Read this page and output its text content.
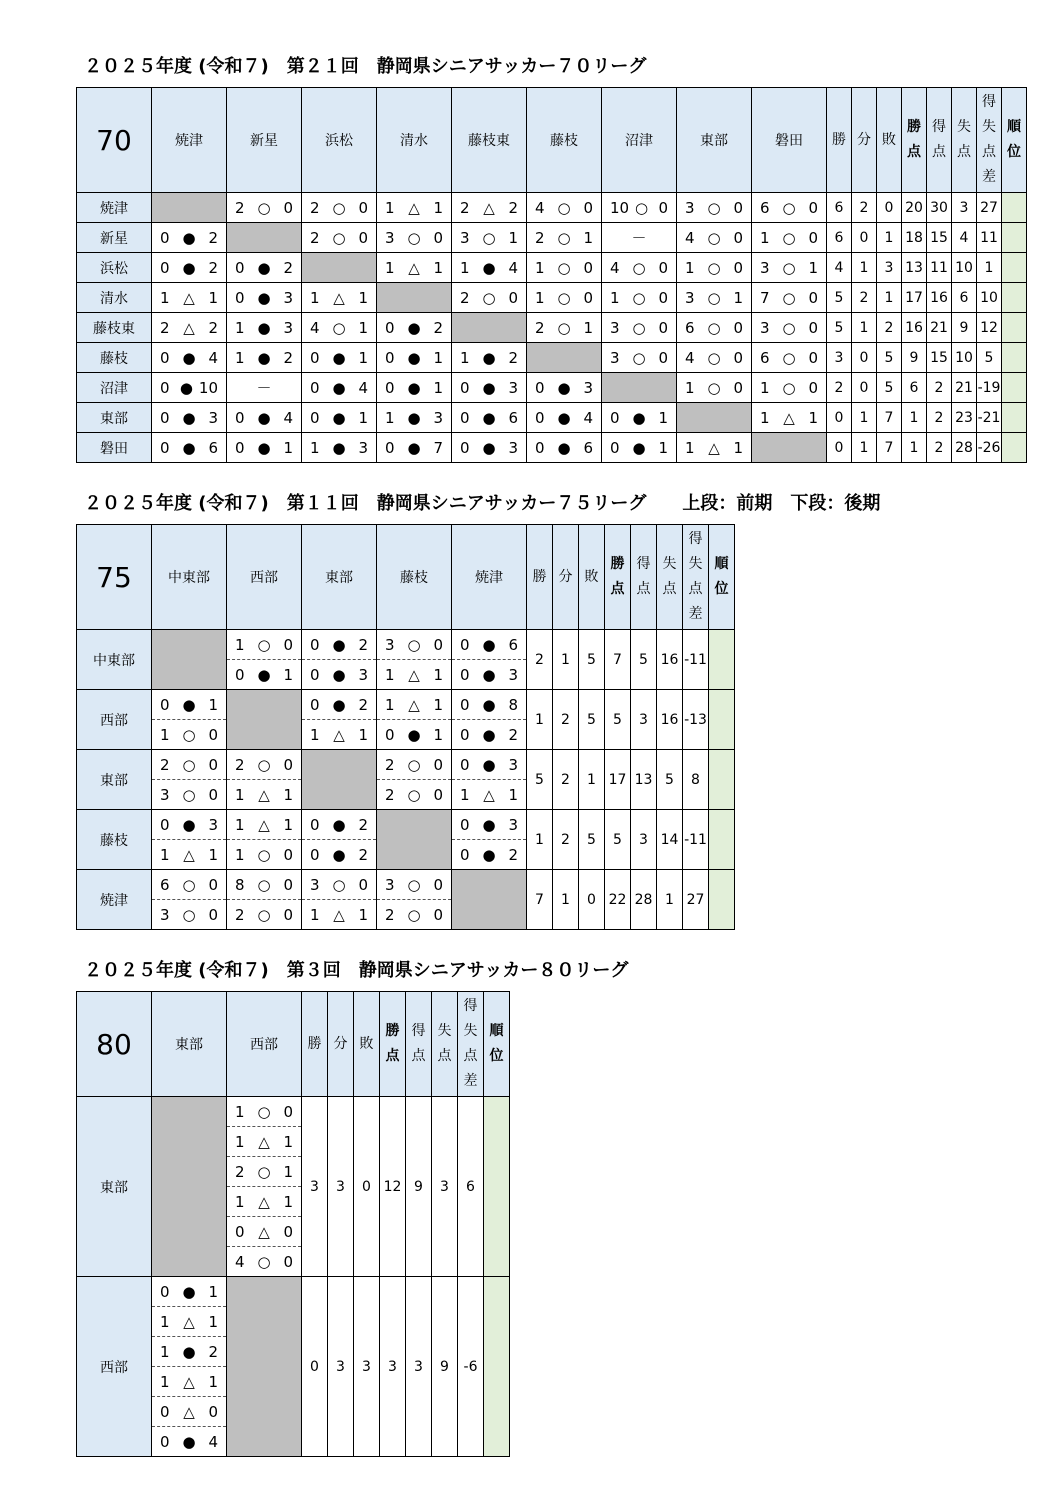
２０２５年度 (令和７)　第２１回　静岡県シニアサッカー７０リーグ
70	焼津	新星	浜松	清水	藤枝東	藤枝	沼津	東部	磐田	勝	分	敗	勝点	得点	失点	得失点差	順位

焼津		2 ○ 0	2 ○ 0	1 △ 1	2 △ 2	4 ○ 0	10 ○ 0	3 ○ 0	6 ○ 0	6	2	0	20	30	3	27	
新星	0 ● 2		2 ○ 0	3 ○ 0	3 ○ 1	2 ○ 1	－	4 ○ 0	1 ○ 0	6	0	1	18	15	4	11	
浜松	0 ● 2	0 ● 2		1 △ 1	1 ● 4	1 ○ 0	4 ○ 0	1 ○ 0	3 ○ 1	4	1	3	13	11	10	1	
清水	1 △ 1	0 ● 3	1 △ 1		2 ○ 0	1 ○ 0	1 ○ 0	3 ○ 1	7 ○ 0	5	2	1	17	16	6	10	
藤枝東	2 △ 2	1 ● 3	4 ○ 1	0 ● 2		2 ○ 1	3 ○ 0	6 ○ 0	3 ○ 0	5	1	2	16	21	9	12	
藤枝	0 ● 4	1 ● 2	0 ● 1	0 ● 1	1 ● 2		3 ○ 0	4 ○ 0	6 ○ 0	3	0	5	9	15	10	5	
沼津	0 ● 10	－	0 ● 4	0 ● 1	0 ● 3	0 ● 3		1 ○ 0	1 ○ 0	2	0	5	6	2	21	-19	
東部	0 ● 3	0 ● 4	0 ● 1	1 ● 3	0 ● 6	0 ● 4	0 ● 1		1 △ 1	0	1	7	1	2	23	-21	
磐田	0 ● 6	0 ● 1	1 ● 3	0 ● 7	0 ● 3	0 ● 6	0 ● 1	1 △ 1		0	1	7	1	2	28	-26	
２０２５年度 (令和７)　第１１回　静岡県シニアサッカー７５リーグ　　上段：前期　下段：後期
75	中東部	西部	東部	藤枝	焼津	勝	分	敗	勝点	得点	失点	得失点差	順位

中東部		1 ○ 0	0 ● 2	3 ○ 0	0 ● 6	2	1	5	7	5	16	-11	

		0 ● 1	0 ● 3	1 △ 1	0 ● 3								

西部	0 ● 1		0 ● 2	1 △ 1	0 ● 8	1	2	5	5	3	16	-13	

	1 ○ 0		1 △ 1	0 ● 1	0 ● 2								

東部	2 ○ 0	2 ○ 0		2 ○ 0	0 ● 3	5	2	1	17	13	5	8	

	3 ○ 0	1 △ 1		2 ○ 0	1 △ 1								

藤枝	0 ● 3	1 △ 1	0 ● 2		0 ● 3	1	2	5	5	3	14	-11	

	1 △ 1	1 ○ 0	0 ● 2		0 ● 2								

焼津	6 ○ 0	8 ○ 0	3 ○ 0	3 ○ 0		7	1	0	22	28	1	27	

	3 ○ 0	2 ○ 0	1 △ 1	2 ○ 0									
２０２５年度 (令和７)　第３回　静岡県シニアサッカー８０リーグ
80	東部	西部	勝	分	敗	勝点	得点	失点	得失点差	順位

東部		1 ○ 0	3	3	0	12	9	3	6	

		1 △ 1								

		2 ○ 1								

		1 △ 1								

		0 △ 0								

		4 ○ 0								

西部	0 ● 1		0	3	3	3	3	9	-6	

	1 △ 1									

	1 ● 2									

	1 △ 1									

	0 △ 0									

	0 ● 4									
